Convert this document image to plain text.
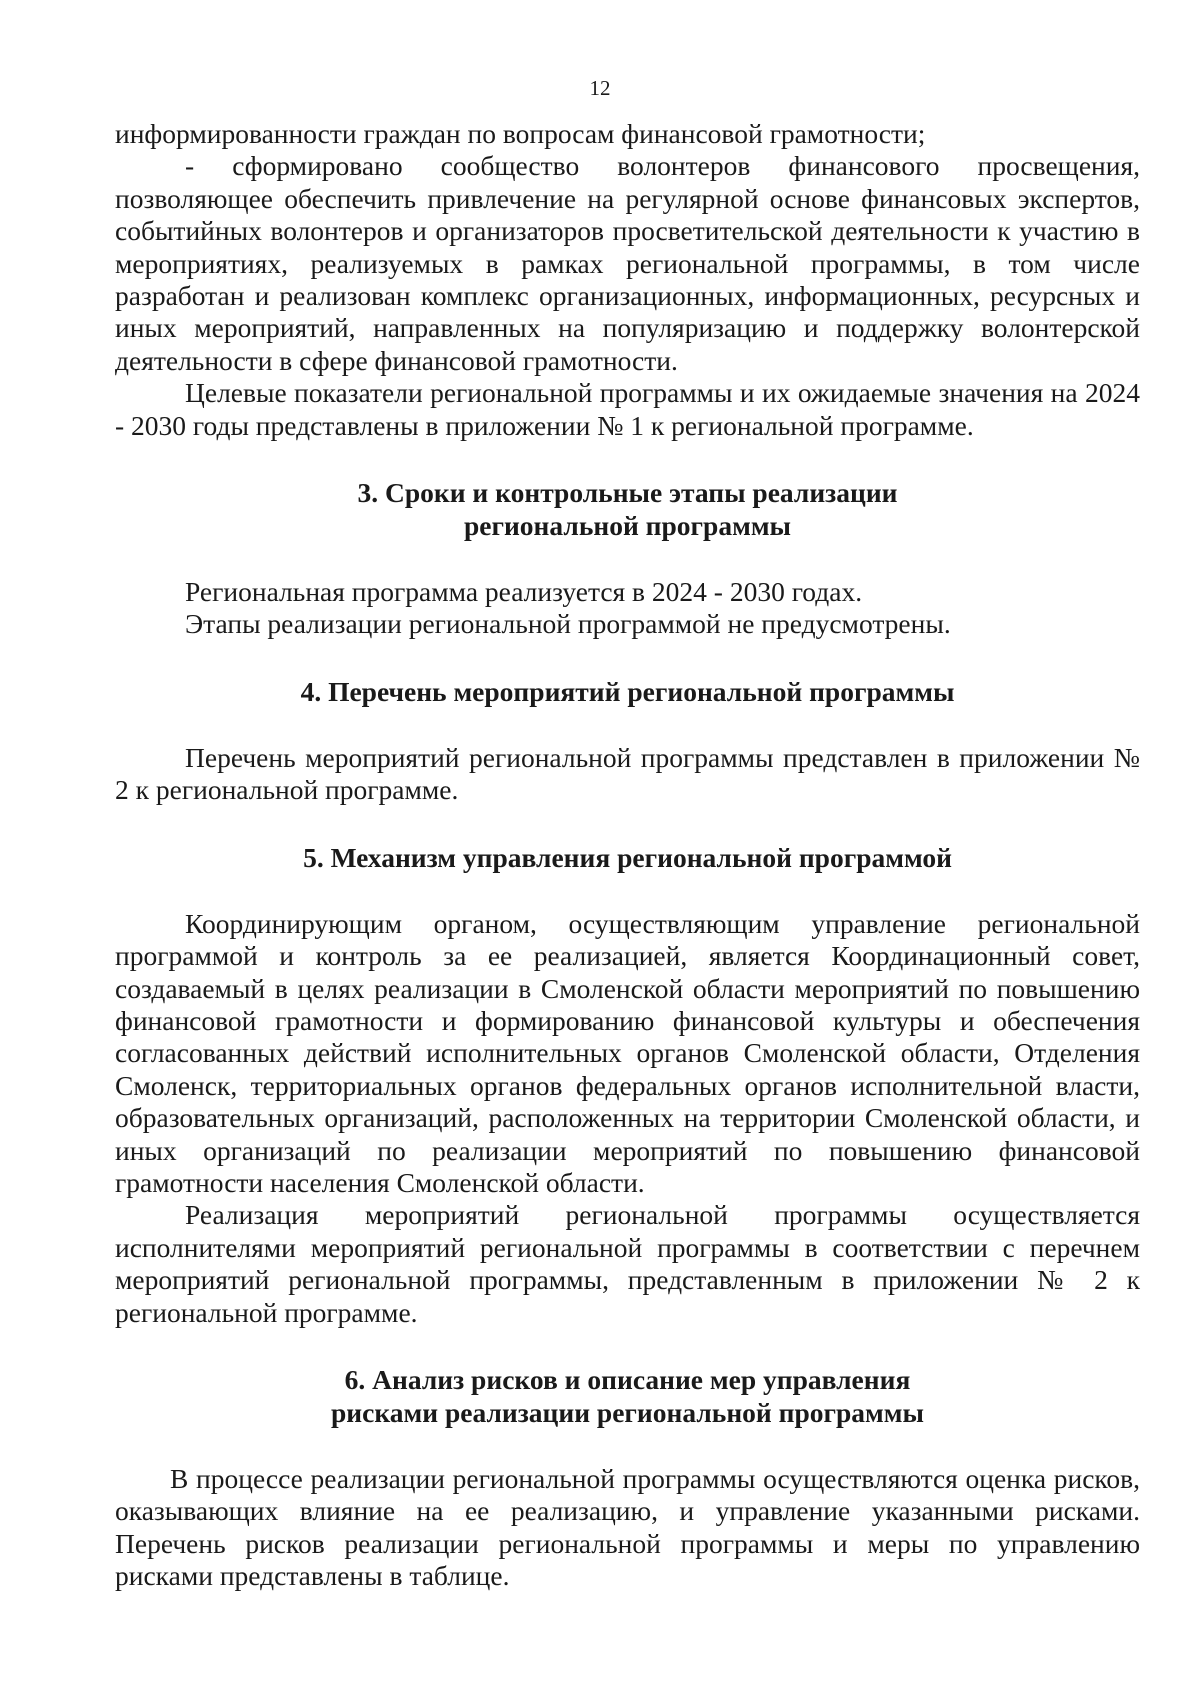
12

информированности граждан по вопросам финансовой грамотности;

- сформировано сообщество волонтеров финансового просвещения, позволяющее обеспечить привлечение на регулярной основе финансовых экспертов, событийных волонтеров и организаторов просветительской деятельности к участию в мероприятиях, реализуемых в рамках региональной программы, в том числе разработан и реализован комплекс организационных, информационных, ресурсных и иных мероприятий, направленных на популяризацию и поддержку волонтерской деятельности в сфере финансовой грамотности.

Целевые показатели региональной программы и их ожидаемые значения на 2024 - 2030 годы представлены в приложении № 1 к региональной программе.

3. Сроки и контрольные этапы реализации

региональной программы

Региональная программа реализуется в 2024 - 2030 годах.

Этапы реализации региональной программой не предусмотрены.

4. Перечень мероприятий региональной программы

Перечень мероприятий региональной программы представлен в приложении № 2 к региональной программе.

5. Механизм управления региональной программой

Координирующим органом, осуществляющим управление региональной программой и контроль за ее реализацией, является Координационный совет, создаваемый в целях реализации в Смоленской области мероприятий по повышению финансовой грамотности и формированию финансовой культуры и обеспечения согласованных действий исполнительных органов Смоленской области, Отделения Смоленск, территориальных органов федеральных органов исполнительной власти, образовательных организаций, расположенных на территории Смоленской области, и иных организаций по реализации мероприятий по повышению финансовой грамотности населения Смоленской области.

Реализация мероприятий региональной программы осуществляется исполнителями мероприятий региональной программы в соответствии с перечнем мероприятий региональной программы, представленным в приложении № 2 к региональной программе.

6. Анализ рисков и описание мер управления

рисками реализации региональной программы

В процессе реализации региональной программы осуществляются оценка рисков, оказывающих влияние на ее реализацию, и управление указанными рисками. Перечень рисков реализации региональной программы и меры по управлению рисками представлены в таблице.
